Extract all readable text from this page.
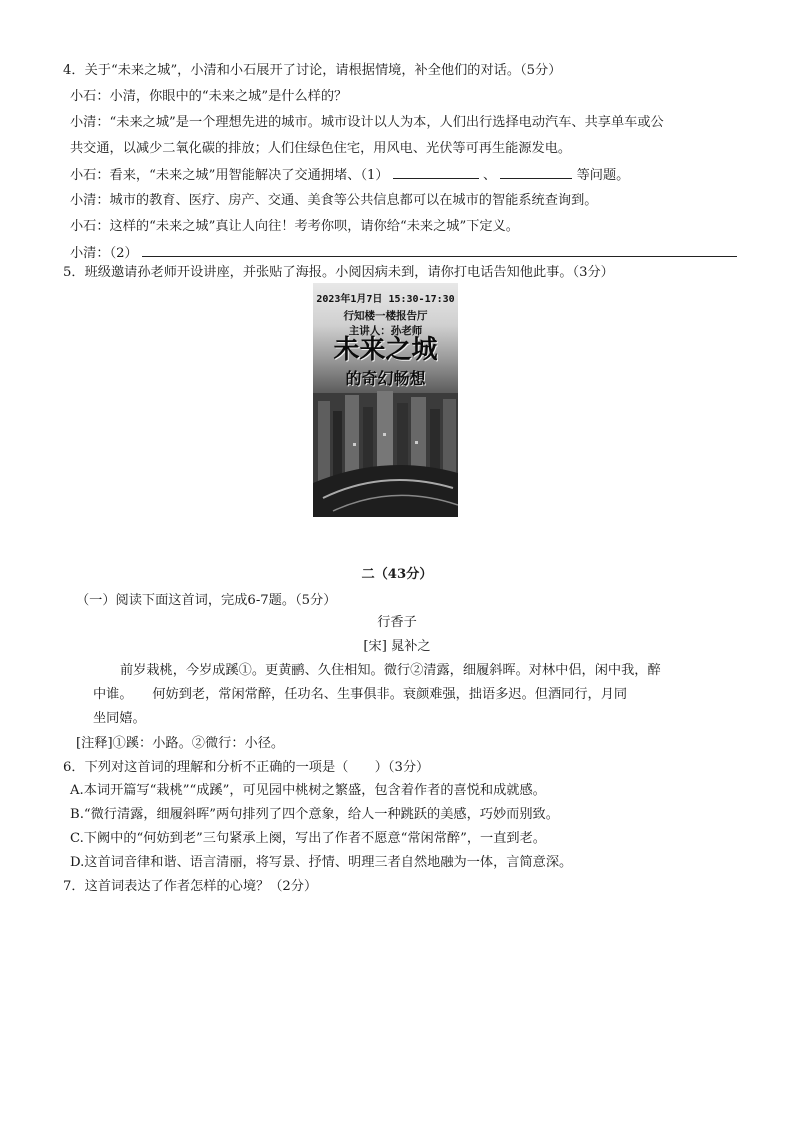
4．关于“未来之城”，小清和小石展开了讨论，请根据情境，补全他们的对话。（5分）
小石：小清，你眼中的“未来之城”是什么样的？
小清：“未来之城”是一个理想先进的城市。城市设计以人为本，人们出行选择电动汽车、共享单车或公
共交通，以减少二氧化碳的排放；人们住绿色住宅，用风电、光伏等可再生能源发电。
小石：看来，“未来之城”用智能解决了交通拥堵、（1）	、	等问题。
小清：城市的教育、医疗、房产、交通、美食等公共信息都可以在城市的智能系统查询到。
小石：这样的“未来之城”真让人向往！考考你呗，请你给“未来之城”下定义。
小清：（2）
5．班级邀请孙老师开设讲座，并张贴了海报。小阅因病未到，请你打电话告知他此事。（3分）
2023年1月7日 15:30-17:30
行知楼一楼报告厅
主讲人：孙老师
未来之城
的奇幻畅想
二（43分）
（一）阅读下面这首词，完成6-7题。（5分）
行香子
[宋] 晁补之
前岁栽桃，今岁成蹊①。更黄鹂、久住相知。微行②清露，细履斜晖。对林中侣，闲中我，醉
中谁。　　何妨到老，常闲常醉，任功名、生事俱非。衰颜难强，拙语多迟。但酒同行，月同
坐同嬉。
[注释]①蹊：小路。②微行：小径。
6．下列对这首词的理解和分析不正确的一项是（　　）（3分）
A.本词开篇写“栽桃”“成蹊”，可见园中桃树之繁盛，包含着作者的喜悦和成就感。
B.“微行清露，细履斜晖”两句排列了四个意象，给人一种跳跃的美感，巧妙而别致。
C.下阙中的“何妨到老”三句紧承上阕，写出了作者不愿意“常闲常醉”，一直到老。
D.这首词音律和谐、语言清丽，将写景、抒情、明理三者自然地融为一体，言简意深。
7．这首词表达了作者怎样的心境？（2分）
